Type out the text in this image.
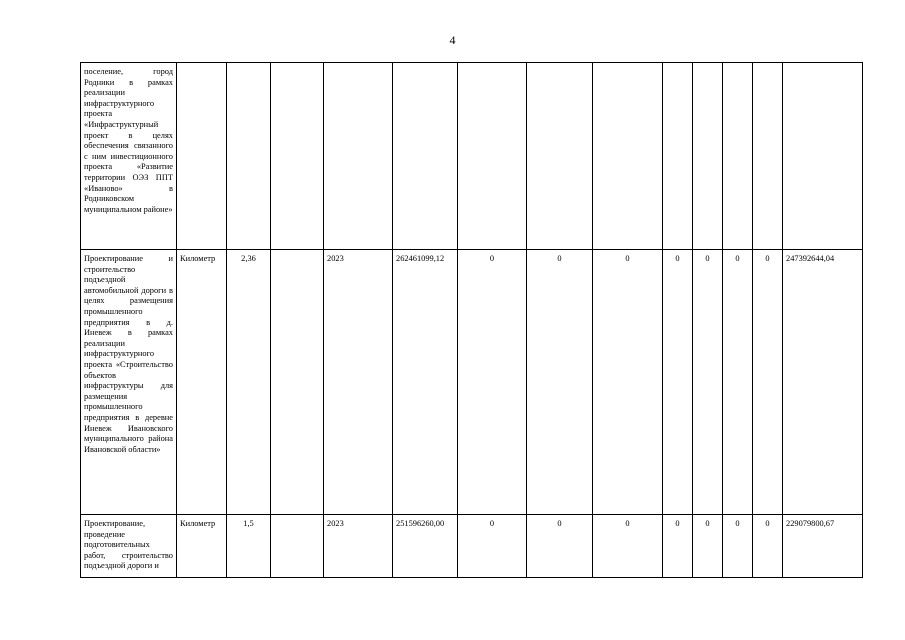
4
поселение, город Родники в рамках реализации инфраструктурного проекта «Инфраструктурный проект в целях обеспечения связанного с ним инвестиционного проекта «Развитие территории ОЭЗ ППТ «Иваново» в Родниковском муниципальном районе»													
Проектирование и строительство подъездной автомобильной дороги в целях размещения промышленного предприятия в д. Иневеж в рамках реализации инфраструктурного проекта «Строительство объектов инфраструктуры для размещения промышленного предприятия в деревне Иневеж Ивановского муниципального района Ивановской области»	Километр	2,36		2023	262461099,12	0	0	0	0	0	0	0	247392644,04
Проектирование, проведение подготовительных работ, строительство подъездной дороги и	Километр	1,5		2023	251596260,00	0	0	0	0	0	0	0	229079800,67
